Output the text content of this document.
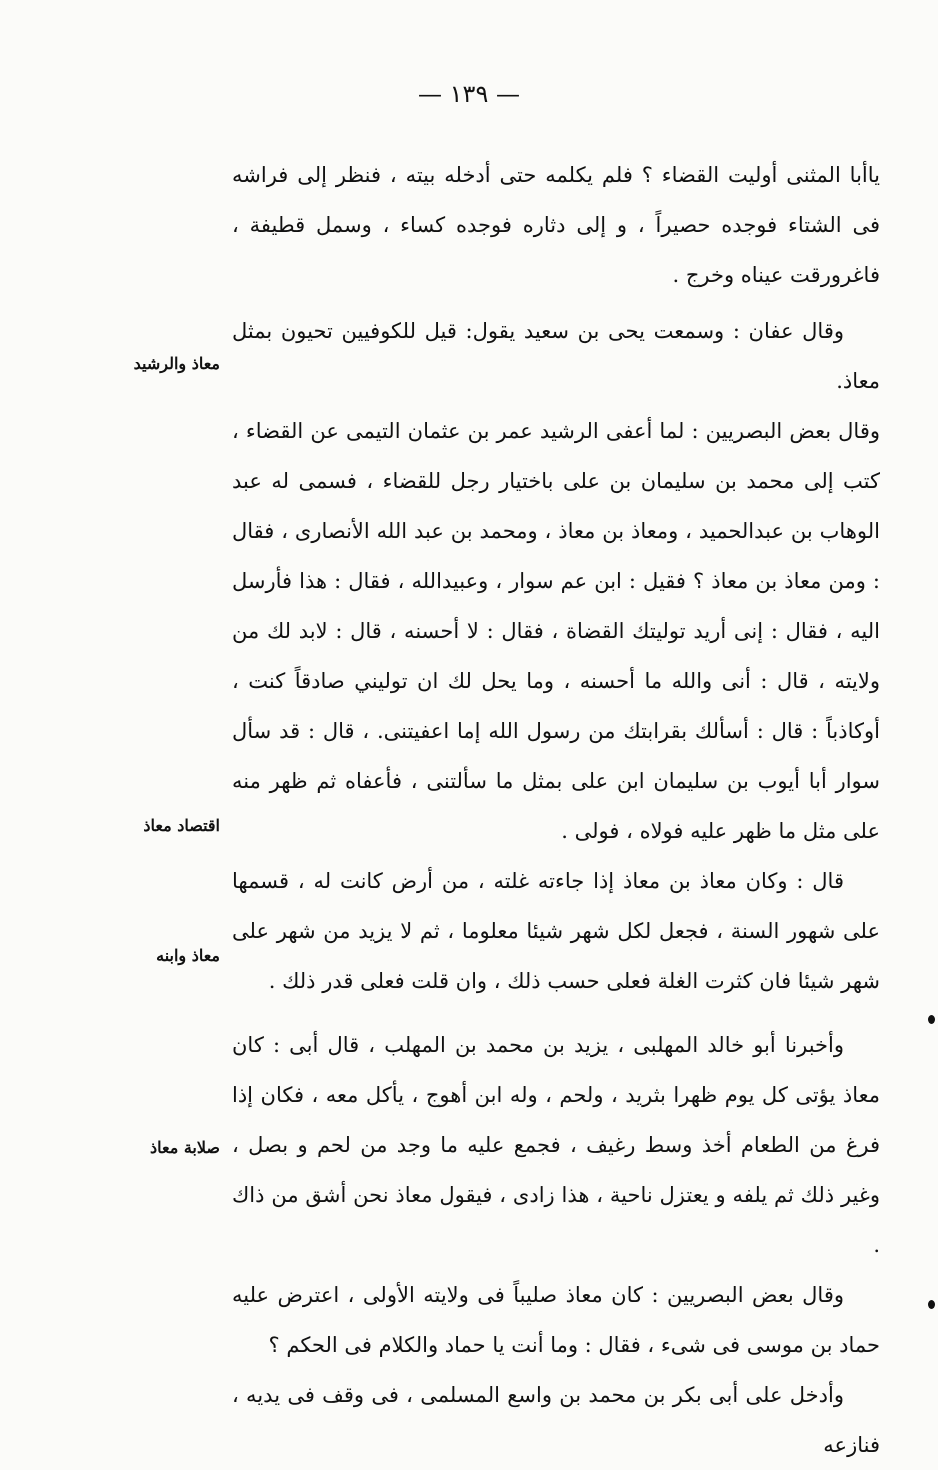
— ١٣٩ —

ياأبا المثنى أوليت القضاء ؟ فلم يكلمه حتى أدخله بيته ، فنظر إلى فراشه فى الشتاء فوجده حصيراً ، و إلى دثاره فوجده كساء ، وسمل قطيفة ، فاغرورقت عيناه وخرج .

وقال عفان : وسمعت يحى بن سعيد يقول: قيل للكوفيين تحيون بمثل معاذ.

وقال بعض البصريين : لما أعفى الرشيد عمر بن عثمان التيمى عن القضاء ، كتب إلى محمد بن سليمان بن على باختيار رجل للقضاء ، فسمى له عبد الوهاب بن عبدالحميد ، ومعاذ بن معاذ ، ومحمد بن عبد الله الأنصارى ، فقال : ومن معاذ بن معاذ ؟ فقيل : ابن عم سوار ، وعبيدالله ، فقال : هذا فأرسل اليه ، فقال : إنى أريد توليتك القضاة ، فقال : لا أحسنه ، قال : لابد لك من ولايته ، قال : أنى والله ما أحسنه ، وما يحل لك ان توليني صادقاً كنت ، أوكاذباً : قال : أسألك بقرابتك من رسول الله إما اعفيتنى. ، قال : قد سأل سوار أبا أيوب بن سليمان ابن على بمثل ما سألتنى ، فأعفاه ثم ظهر منه على مثل ما ظهر عليه فولاه ، فولى .

قال : وكان معاذ بن معاذ إذا جاءته غلته ، من أرض كانت له ، قسمها على شهور السنة ، فجعل لكل شهر شيئا معلوما ، ثم لا يزيد من شهر على شهر شيئا فان كثرت الغلة فعلى حسب ذلك ، وان قلت فعلى قدر ذلك .

وأخبرنا أبو خالد المهلبى ، يزيد بن محمد بن المهلب ، قال أبى : كان معاذ يؤتى كل يوم ظهرا بثريد ، ولحم ، وله ابن أهوج ، يأكل معه ، فكان إذا فرغ من الطعام أخذ وسط رغيف ، فجمع عليه ما وجد من لحم و بصل ، وغير ذلك ثم يلفه و يعتزل ناحية ، هذا زادى ، فيقول معاذ نحن أشق من ذاك .

وقال بعض البصريين : كان معاذ صليباً فى ولايته الأولى ، اعترض عليه حماد بن موسى فى شىء ، فقال : وما أنت يا حماد والكلام فى الحكم ؟

وأدخل على أبى بكر بن محمد بن واسع المسلمى ، فى وقف فى يديه ، فنازعه

معاذ والرشيد
اقتصاد معاذ
معاذ وابنه
صلابة معاذ
